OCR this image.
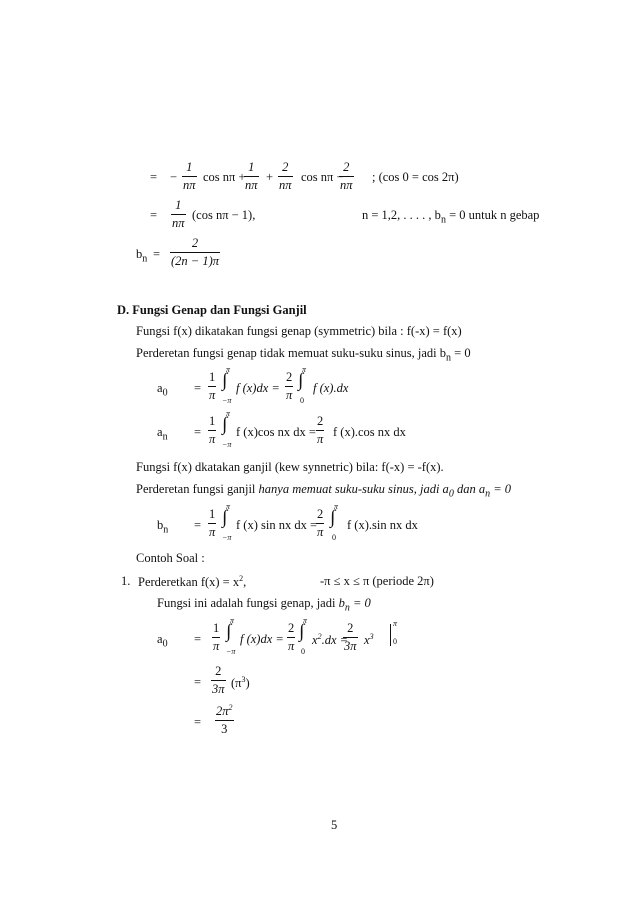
= − $\frac{1}{n\pi}$ cos nπ +
$\frac{1}{n\pi} + \frac{2}{n\pi}$ cos nπ −
$\frac{2}{n\pi}$ ; (cos 0 = cos 2π)
= $\frac{1}{n\pi} (\cos$ nπ − 1),	n = 1,2, . . . . , $b_n = 0$ untuk n gebap
$b_n = \frac{2}{(2n - 1)\pi}$
D. Fungsi Genap dan Fungsi Ganjil
Fungsi f(x) dikatakan fungsi genap (symmetric) bila : f(-x) = f(x)
Perderetan fungsi genap tidak memuat suku-suku sinus, jadi $b_n = 0$
$a_0 = \frac{1}{\pi}$
π
∫
−π
f $(x)dx = \frac{2}{\pi}$
π
∫
0
f (x).dx
$a_n = \frac{1}{\pi}$
π
∫
−π
f (x)cos nx dx = $\frac{2}{\pi}$ f (x).cos nx dx
Fungsi f(x) dkatakan ganjil (kew synnetric) bila: f(-x) = -f(x).
Perderetan fungsi ganjil hanya memuat suku-suku sinus, jadi $a_0$ dan $a_n = 0$
$b_n = \frac{1}{\pi}$
π
∫
−π
f (x) sin nx dx = $\frac{2}{\pi}$
π
∫
0
f (x).sin nx dx
Contoh Soal :
1. Perderetkan $f(x) = x^2$,	-π ≤ x ≤ π (periode 2π)
Fungsi ini adalah fungsi genap, jadi $b_n = 0$
$a_0 = \frac{1}{\pi}$
π
∫
−π
f $(x)dx = \frac{2}{\pi}$
π
∫
0
$x^2.dx$ =
$\frac{2}{3\pi} x^3$
π
0
= $\frac{2}{3\pi} (\pi^3)$
= $\frac{2\pi^2}{3}$
5
